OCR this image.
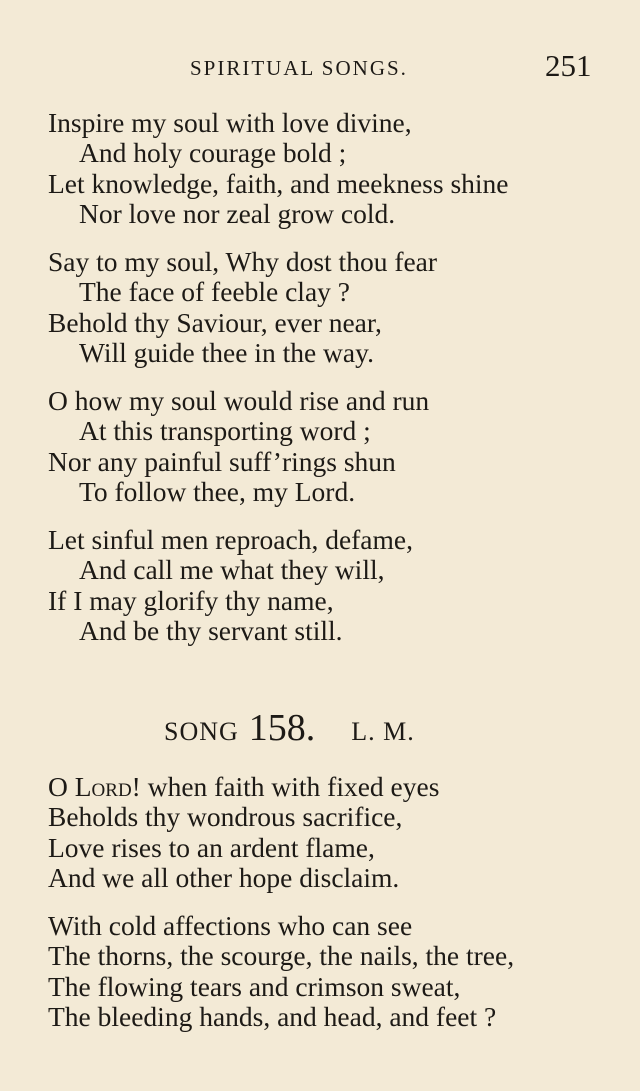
SPIRITUAL SONGS.	251
Inspire my soul with love divine,
And holy courage bold ;
Let knowledge, faith, and meekness shine
Nor love nor zeal grow cold.
Say to my soul, Why dost thou fear
The face of feeble clay ?
Behold thy Saviour, ever near,
Will guide thee in the way.
O how my soul would rise and run
At this transporting word ;
Nor any painful suff’rings shun
To follow thee, my Lord.
Let sinful men reproach, defame,
And call me what they will,
If I may glorify thy name,
And be thy servant still.
SONG 158. L. M.
O Lord! when faith with fixed eyes
Beholds thy wondrous sacrifice,
Love rises to an ardent flame,
And we all other hope disclaim.
With cold affections who can see
The thorns, the scourge, the nails, the tree,
The flowing tears and crimson sweat,
The bleeding hands, and head, and feet ?
